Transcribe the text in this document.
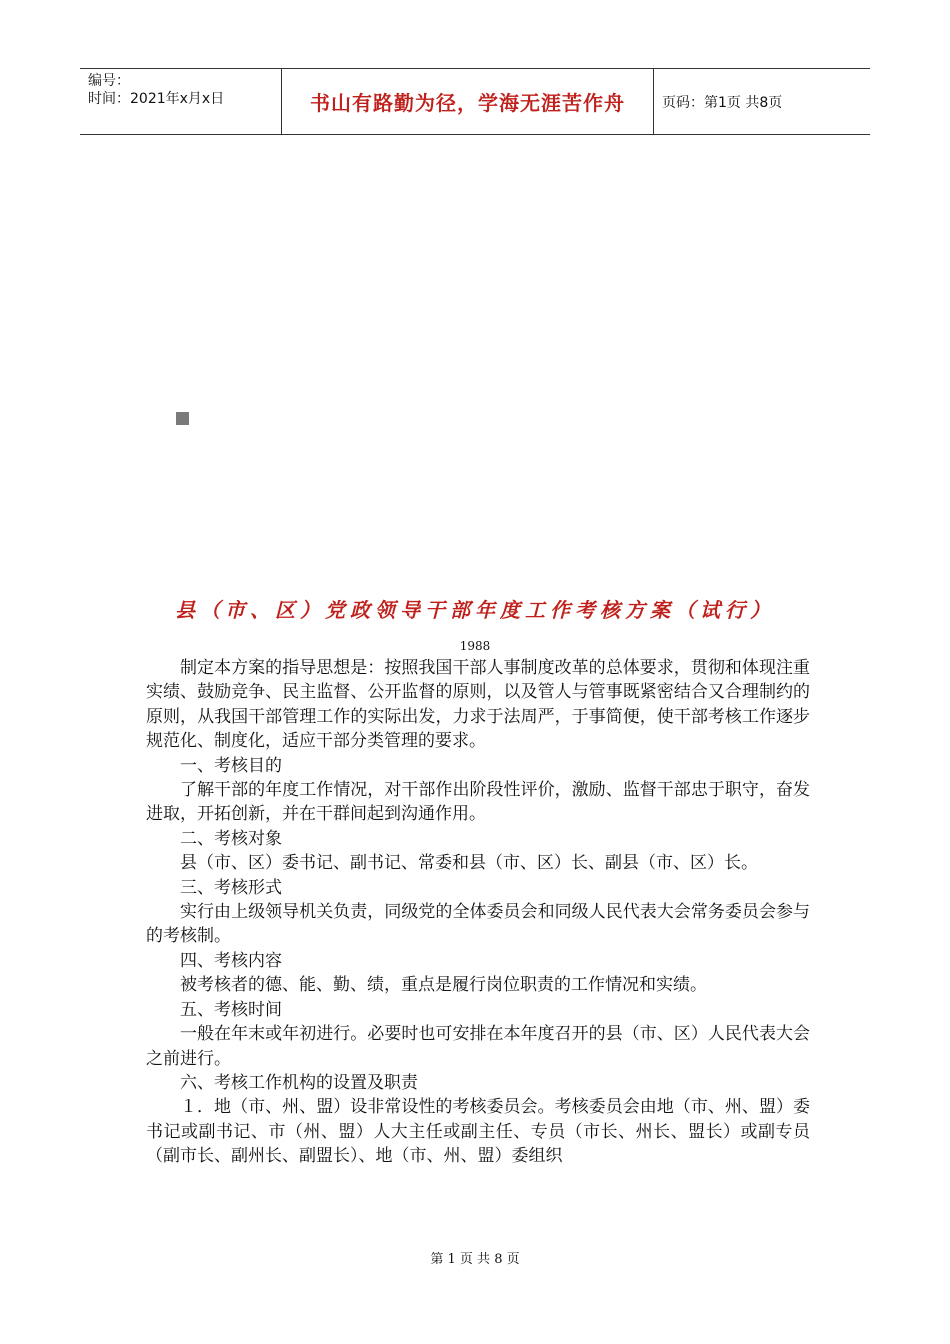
编号：
时间：2021年x月x日	书山有路勤为径，学海无涯苦作舟	页码：第1页 共8页
县（市、区）党政领导干部年度工作考核方案（试行）
1988

制定本方案的指导思想是：按照我国干部人事制度改革的总体要求，贯彻和体现注重实绩、鼓励竞争、民主监督、公开监督的原则，以及管人与管事既紧密结合又合理制约的原则，从我国干部管理工作的实际出发，力求于法周严，于事简便，使干部考核工作逐步规范化、制度化，适应干部分类管理的要求。

一、考核目的

了解干部的年度工作情况，对干部作出阶段性评价，激励、监督干部忠于职守，奋发进取，开拓创新，并在干群间起到沟通作用。

二、考核对象

县（市、区）委书记、副书记、常委和县（市、区）长、副县（市、区）长。

三、考核形式

实行由上级领导机关负责，同级党的全体委员会和同级人民代表大会常务委员会参与的考核制。

四、考核内容

被考核者的德、能、勤、绩，重点是履行岗位职责的工作情况和实绩。

五、考核时间

一般在年末或年初进行。必要时也可安排在本年度召开的县（市、区）人民代表大会之前进行。

六、考核工作机构的设置及职责

１．地（市、州、盟）设非常设性的考核委员会。考核委员会由地（市、州、盟）委书记或副书记、市（州、盟）人大主任或副主任、专员（市长、州长、盟长）或副专员（副市长、副州长、副盟长）、地（市、州、盟）委组织

第 1 页 共 8 页
